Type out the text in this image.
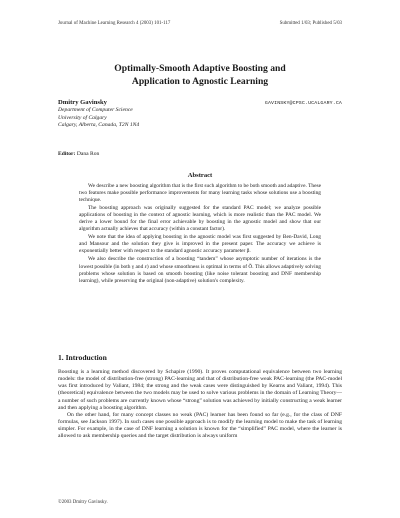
Journal of Machine Learning Research 4 (2003) 101-117	Submitted 1/03; Published 5/03
Optimally-Smooth Adaptive Boosting and
Application to Agnostic Learning
Dmitry Gavinsky	GAVINSKY@CPSC.UCALGARY.CA
Department of Computer Science
University of Calgary
Calgary, Alberta, Canada, T2N 1N4
Editor: Dana Ron
Abstract

We describe a new boosting algorithm that is the first such algorithm to be both smooth and adaptive. These two features make possible performance improvements for many learning tasks whose solutions use a boosting technique.

The boosting approach was originally suggested for the standard PAC model; we analyze possible applications of boosting in the context of agnostic learning, which is more realistic than the PAC model. We derive a lower bound for the final error achievable by boosting in the agnostic model and show that our algorithm actually achieves that accuracy (within a constant factor).

We note that the idea of applying boosting in the agnostic model was first suggested by Ben-David, Long and Mansour and the solution they give is improved in the present paper. The accuracy we achieve is exponentially better with respect to the standard agnostic accuracy parameter β.

We also describe the construction of a boosting “tandem” whose asymptotic number of iterations is the lowest possible (in both γ and ε) and whose smoothness is optimal in terms of Õ. This allows adaptively solving problems whose solution is based on smooth boosting (like noise tolerant boosting and DNF membership learning), while preserving the original (non-adaptive) solution's complexity.

1. Introduction

Boosting is a learning method discovered by Schapire (1990). It proves computational equivalence between two learning models: the model of distribution-free (strong) PAC-learning and that of distribution-free weak PAC-learning (the PAC-model was first introduced by Valiant, 1984; the strong and the weak cases were distinguished by Kearns and Valiant, 1994). This (theoretical) equivalence between the two models may be used to solve various problems in the domain of Learning Theory—a number of such problems are currently known whose “strong” solution was achieved by initially constructing a weak learner and then applying a boosting algorithm.

On the other hand, for many concept classes no weak (PAC) learner has been found so far (e.g., for the class of DNF formulas, see Jackson 1997). In such cases one possible approach is to modify the learning model to make the task of learning simpler. For example, in the case of DNF learning a solution is known for the “simplified” PAC model, where the learner is allowed to ask membership queries and the target distribution is always uniform

©2003 Dmitry Gavinsky.
